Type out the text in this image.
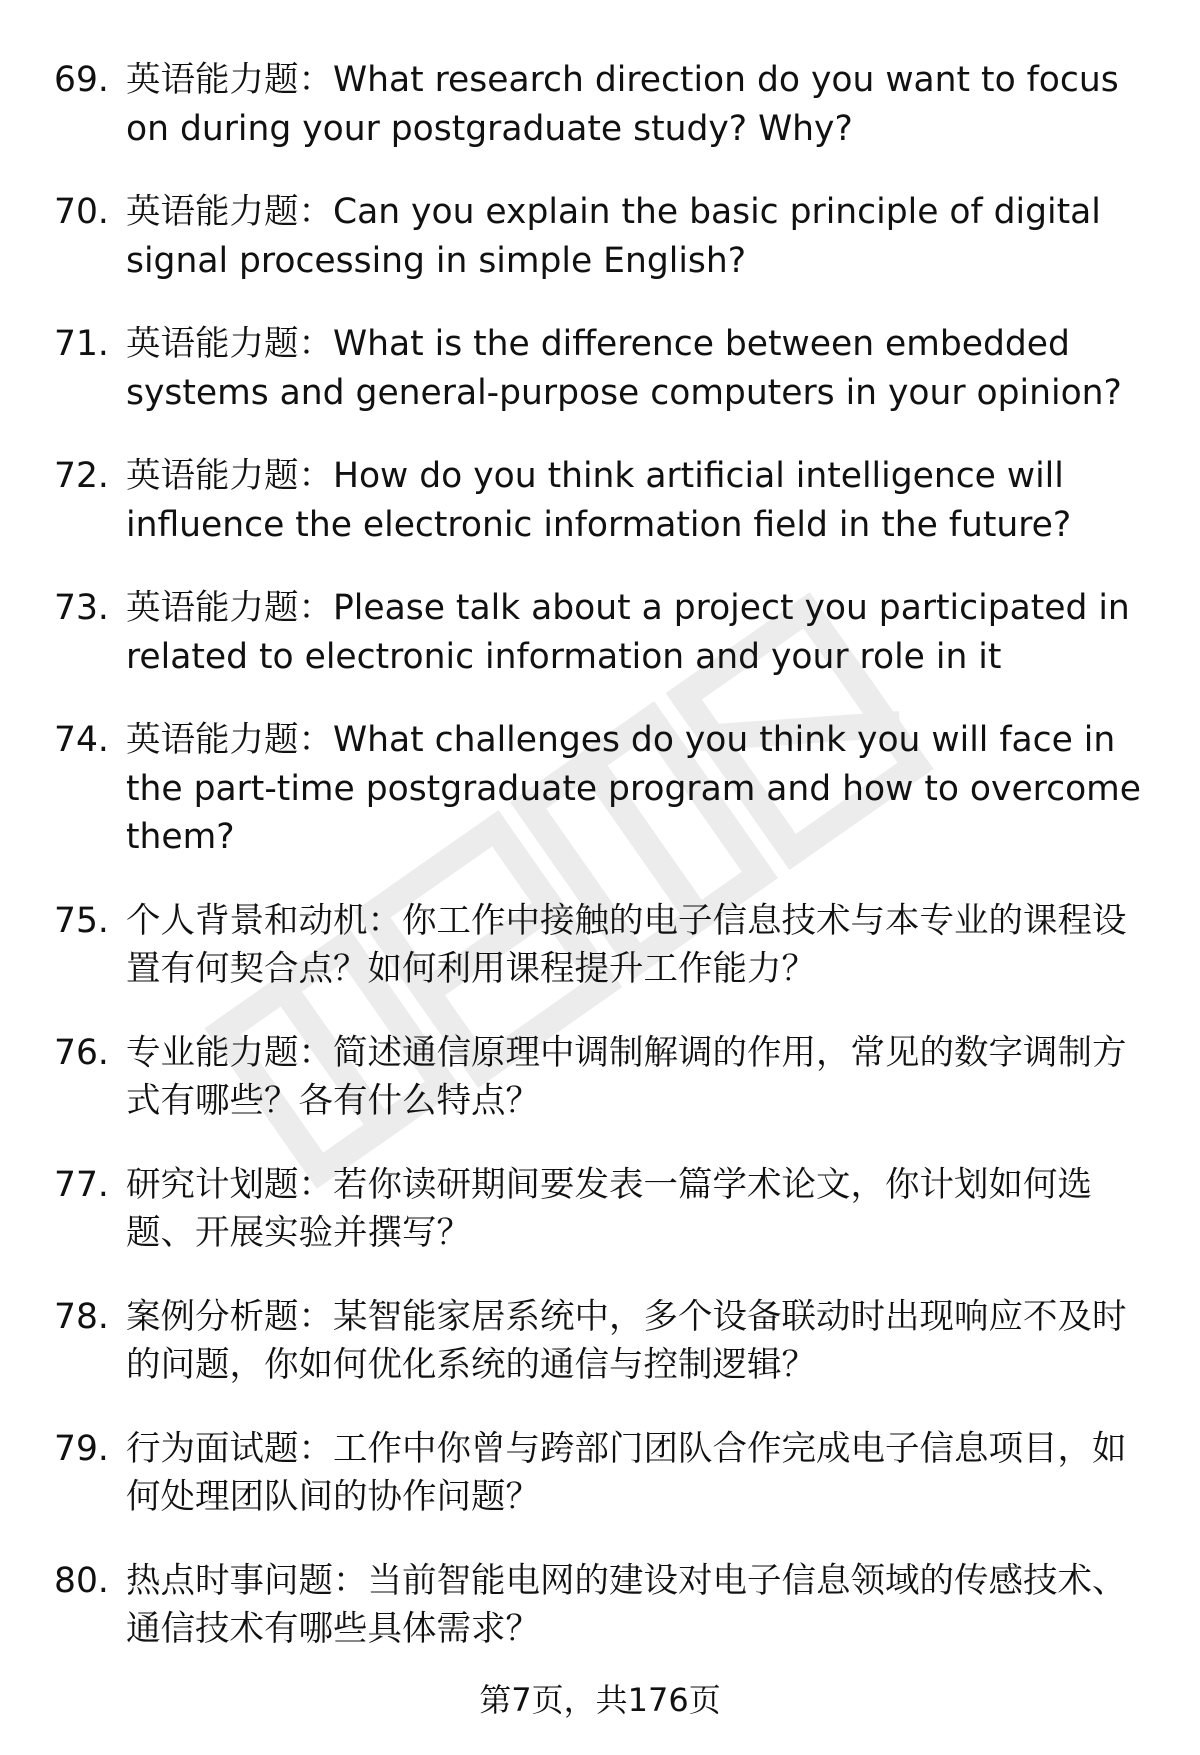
69. 英语能力题：What research direction do you want to focus on during your postgraduate study? Why?
70. 英语能力题：Can you explain the basic principle of digital signal processing in simple English?
71. 英语能力题：What is the difference between embedded systems and general-purpose computers in your opinion?
72. 英语能力题：How do you think artificial intelligence will influence the electronic information field in the future?
73. 英语能力题：Please talk about a project you participated in related to electronic information and your role in it
74. 英语能力题：What challenges do you think you will face in the part-time postgraduate program and how to overcome them?
75. 个人背景和动机：你工作中接触的电子信息技术与本专业的课程设置有何契合点？如何利用课程提升工作能力？
76. 专业能力题：简述通信原理中调制解调的作用，常见的数字调制方式有哪些？各有什么特点？
77. 研究计划题：若你读研期间要发表一篇学术论文，你计划如何选题、开展实验并撰写？
78. 案例分析题：某智能家居系统中，多个设备联动时出现响应不及时的问题，你如何优化系统的通信与控制逻辑？
79. 行为面试题：工作中你曾与跨部门团队合作完成电子信息项目，如何处理团队间的协作问题？
80. 热点时事问题：当前智能电网的建设对电子信息领域的传感技术、通信技术有哪些具体需求？
第7页，共176页
